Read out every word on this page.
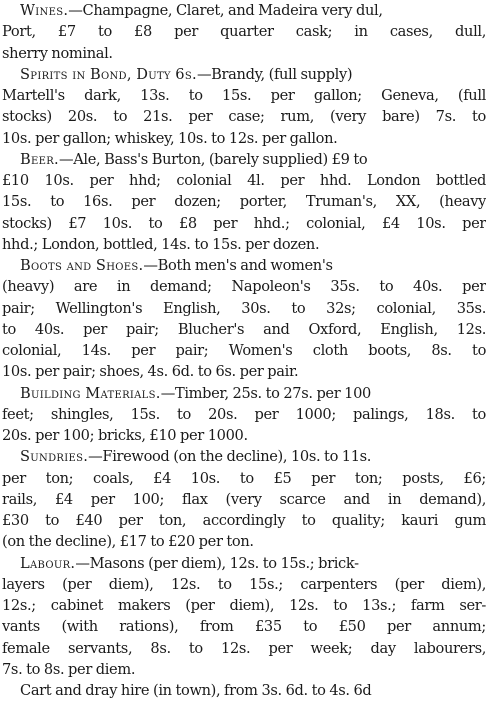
Wines.—Champagne, Claret, and Madeira very dul,
Port, £7 to £8 per quarter cask; in cases, dull,
sherry nominal.

Spirits in Bond, Duty 6s.—Brandy, (full supply)
Martell's dark, 13s. to 15s. per gallon; Geneva, (full
stocks) 20s. to 21s. per case; rum, (very bare) 7s. to
10s. per gallon; whiskey, 10s. to 12s. per gallon.

Beer.—Ale, Bass's Burton, (barely supplied) £9 to
£10 10s. per hhd; colonial 4l. per hhd. London bottled
15s. to 16s. per dozen; porter, Truman's, XX, (heavy
stocks) £7 10s. to £8 per hhd.; colonial, £4 10s. per
hhd.; London, bottled, 14s. to 15s. per dozen.

Boots and Shoes.—Both men's and women's
(heavy) are in demand; Napoleon's 35s. to 40s. per
pair; Wellington's English, 30s. to 32s; colonial, 35s.
to 40s. per pair; Blucher's and Oxford, English, 12s.
colonial, 14s. per pair; Women's cloth boots, 8s. to
10s. per pair; shoes, 4s. 6d. to 6s. per pair.

Building Materials.—Timber, 25s. to 27s. per 100
feet; shingles, 15s. to 20s. per 1000; palings, 18s. to
20s. per 100; bricks, £10 per 1000.

Sundries.—Firewood (on the decline), 10s. to 11s.
per ton; coals, £4 10s. to £5 per ton; posts, £6;
rails, £4 per 100; flax (very scarce and in demand),
£30 to £40 per ton, accordingly to quality; kauri gum
(on the decline), £17 to £20 per ton.

Labour.—Masons (per diem), 12s. to 15s.; brick-
layers (per diem), 12s. to 15s.; carpenters (per diem),
12s.; cabinet makers (per diem), 12s. to 13s.; farm ser-
vants (with rations), from £35 to £50 per annum;
female servants, 8s. to 12s. per week; day labourers,
7s. to 8s. per diem.

Cart and dray hire (in town), from 3s. 6d. to 4s. 6d
